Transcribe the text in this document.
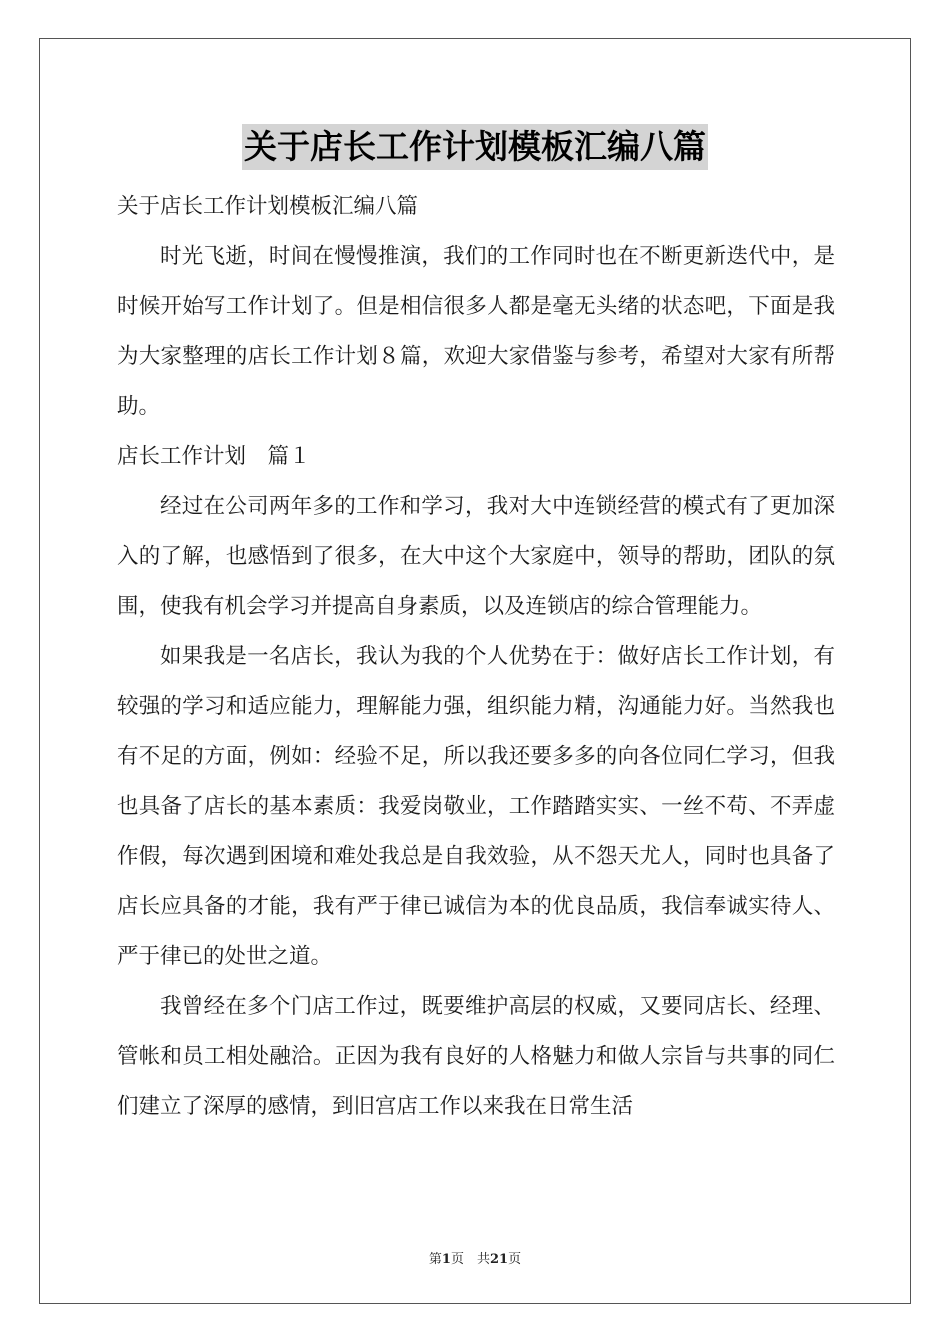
关于店长工作计划模板汇编八篇

关于店长工作计划模板汇编八篇

时光飞逝，时间在慢慢推演，我们的工作同时也在不断更新迭代中，是时候开始写工作计划了。但是相信很多人都是毫无头绪的状态吧，下面是我为大家整理的店长工作计划８篇，欢迎大家借鉴与参考，希望对大家有所帮助。

店长工作计划　篇１

经过在公司两年多的工作和学习，我对大中连锁经营的模式有了更加深入的了解，也感悟到了很多，在大中这个大家庭中，领导的帮助，团队的氛围，使我有机会学习并提高自身素质，以及连锁店的综合管理能力。

如果我是一名店长，我认为我的个人优势在于：做好店长工作计划，有较强的学习和适应能力，理解能力强，组织能力精，沟通能力好。当然我也有不足的方面，例如：经验不足，所以我还要多多的向各位同仁学习，但我也具备了店长的基本素质：我爱岗敬业，工作踏踏实实、一丝不苟、不弄虚作假，每次遇到困境和难处我总是自我效验，从不怨天尤人，同时也具备了店长应具备的才能，我有严于律已诚信为本的优良品质，我信奉诚实待人、严于律已的处世之道。

我曾经在多个门店工作过，既要维护高层的权威，又要同店长、经理、管帐和员工相处融洽。正因为我有良好的人格魅力和做人宗旨与共事的同仁们建立了深厚的感情，到旧宫店工作以来我在日常生活

第1页　共21页
